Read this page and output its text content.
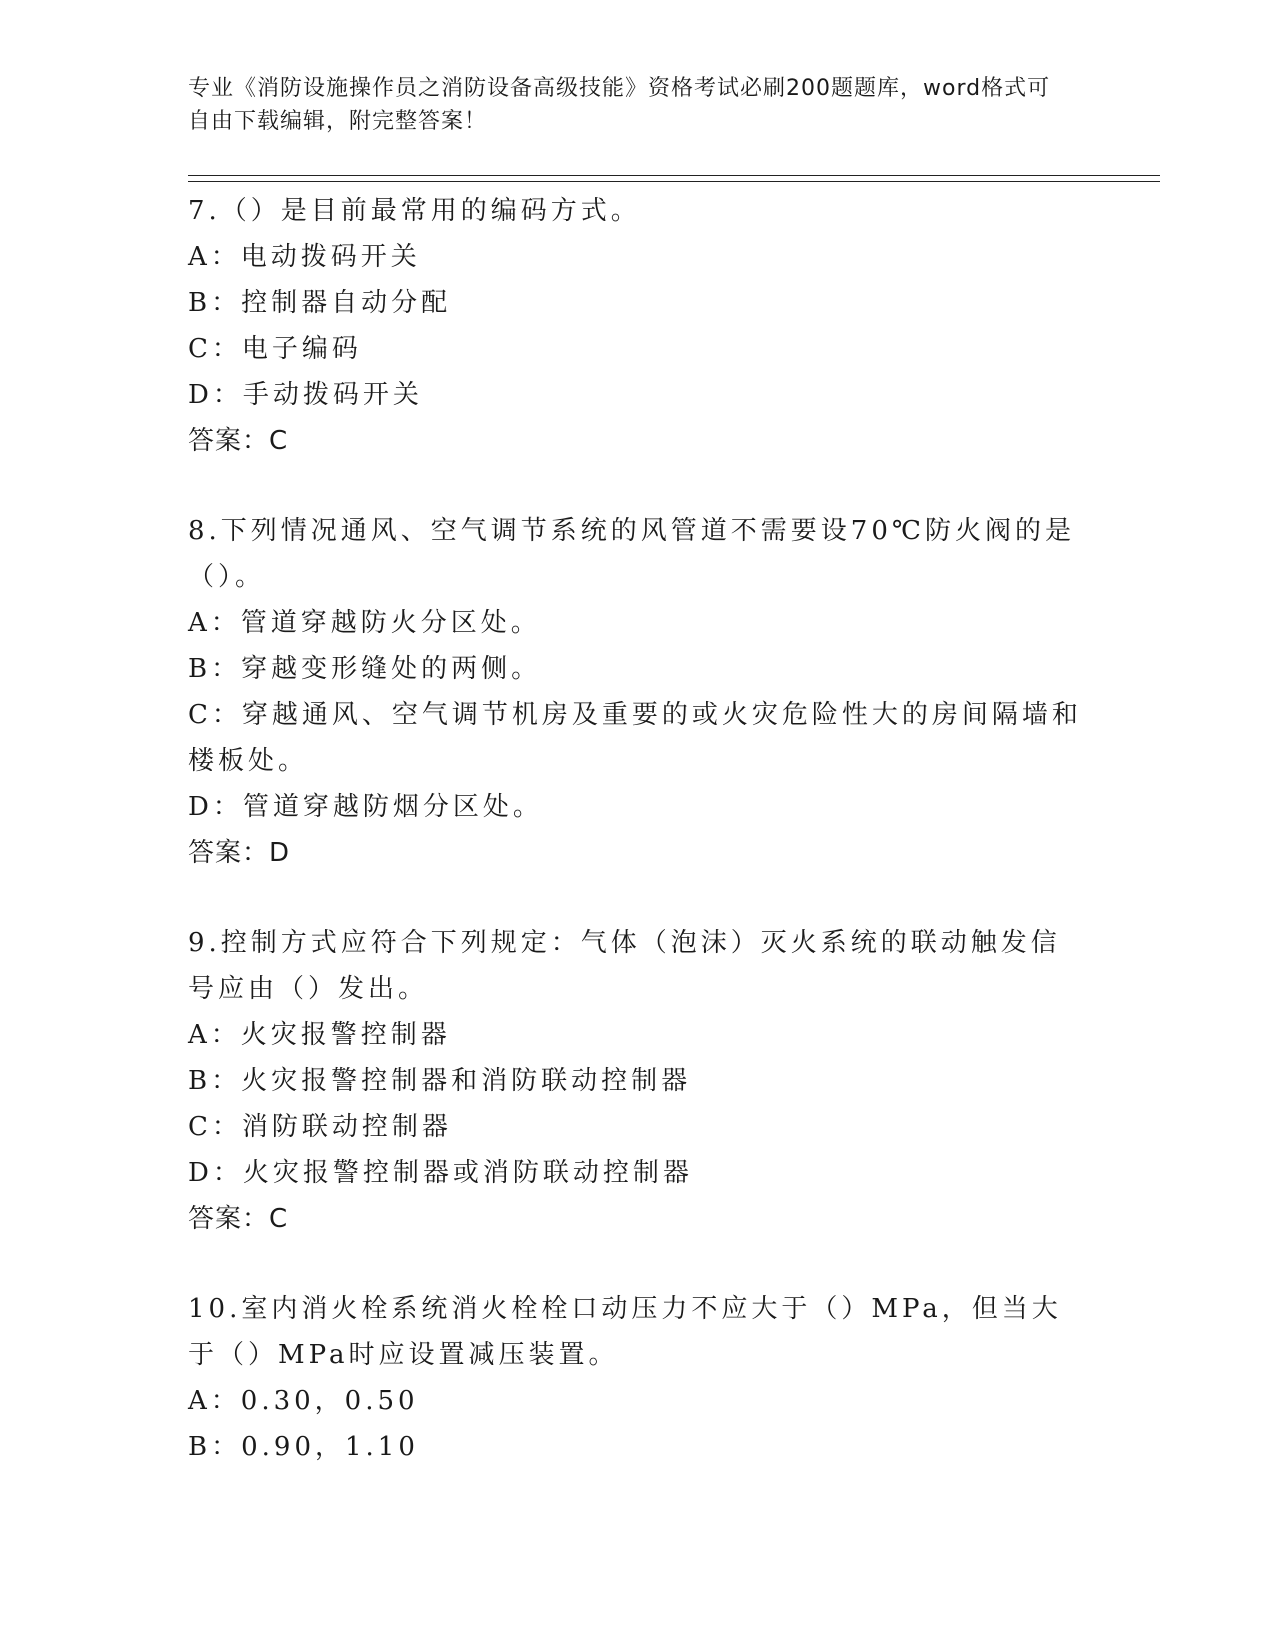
专业《消防设施操作员之消防设备高级技能》资格考试必刷200题题库，word格式可自由下载编辑，附完整答案！

7.（）是目前最常用的编码方式。

A：电动拨码开关

B：控制器自动分配

C：电子编码

D：手动拨码开关

答案：C

8.下列情况通风、空气调节系统的风管道不需要设70℃防火阀的是（）。

A：管道穿越防火分区处。

B：穿越变形缝处的两侧。

C：穿越通风、空气调节机房及重要的或火灾危险性大的房间隔墙和楼板处。

D：管道穿越防烟分区处。

答案：D

9.控制方式应符合下列规定：气体（泡沫）灭火系统的联动触发信号应由（）发出。

A：火灾报警控制器

B：火灾报警控制器和消防联动控制器

C：消防联动控制器

D：火灾报警控制器或消防联动控制器

答案：C

10.室内消火栓系统消火栓栓口动压力不应大于（）MPa，但当大于（）MPa时应设置减压装置。

A：0.30，0.50

B：0.90，1.10
